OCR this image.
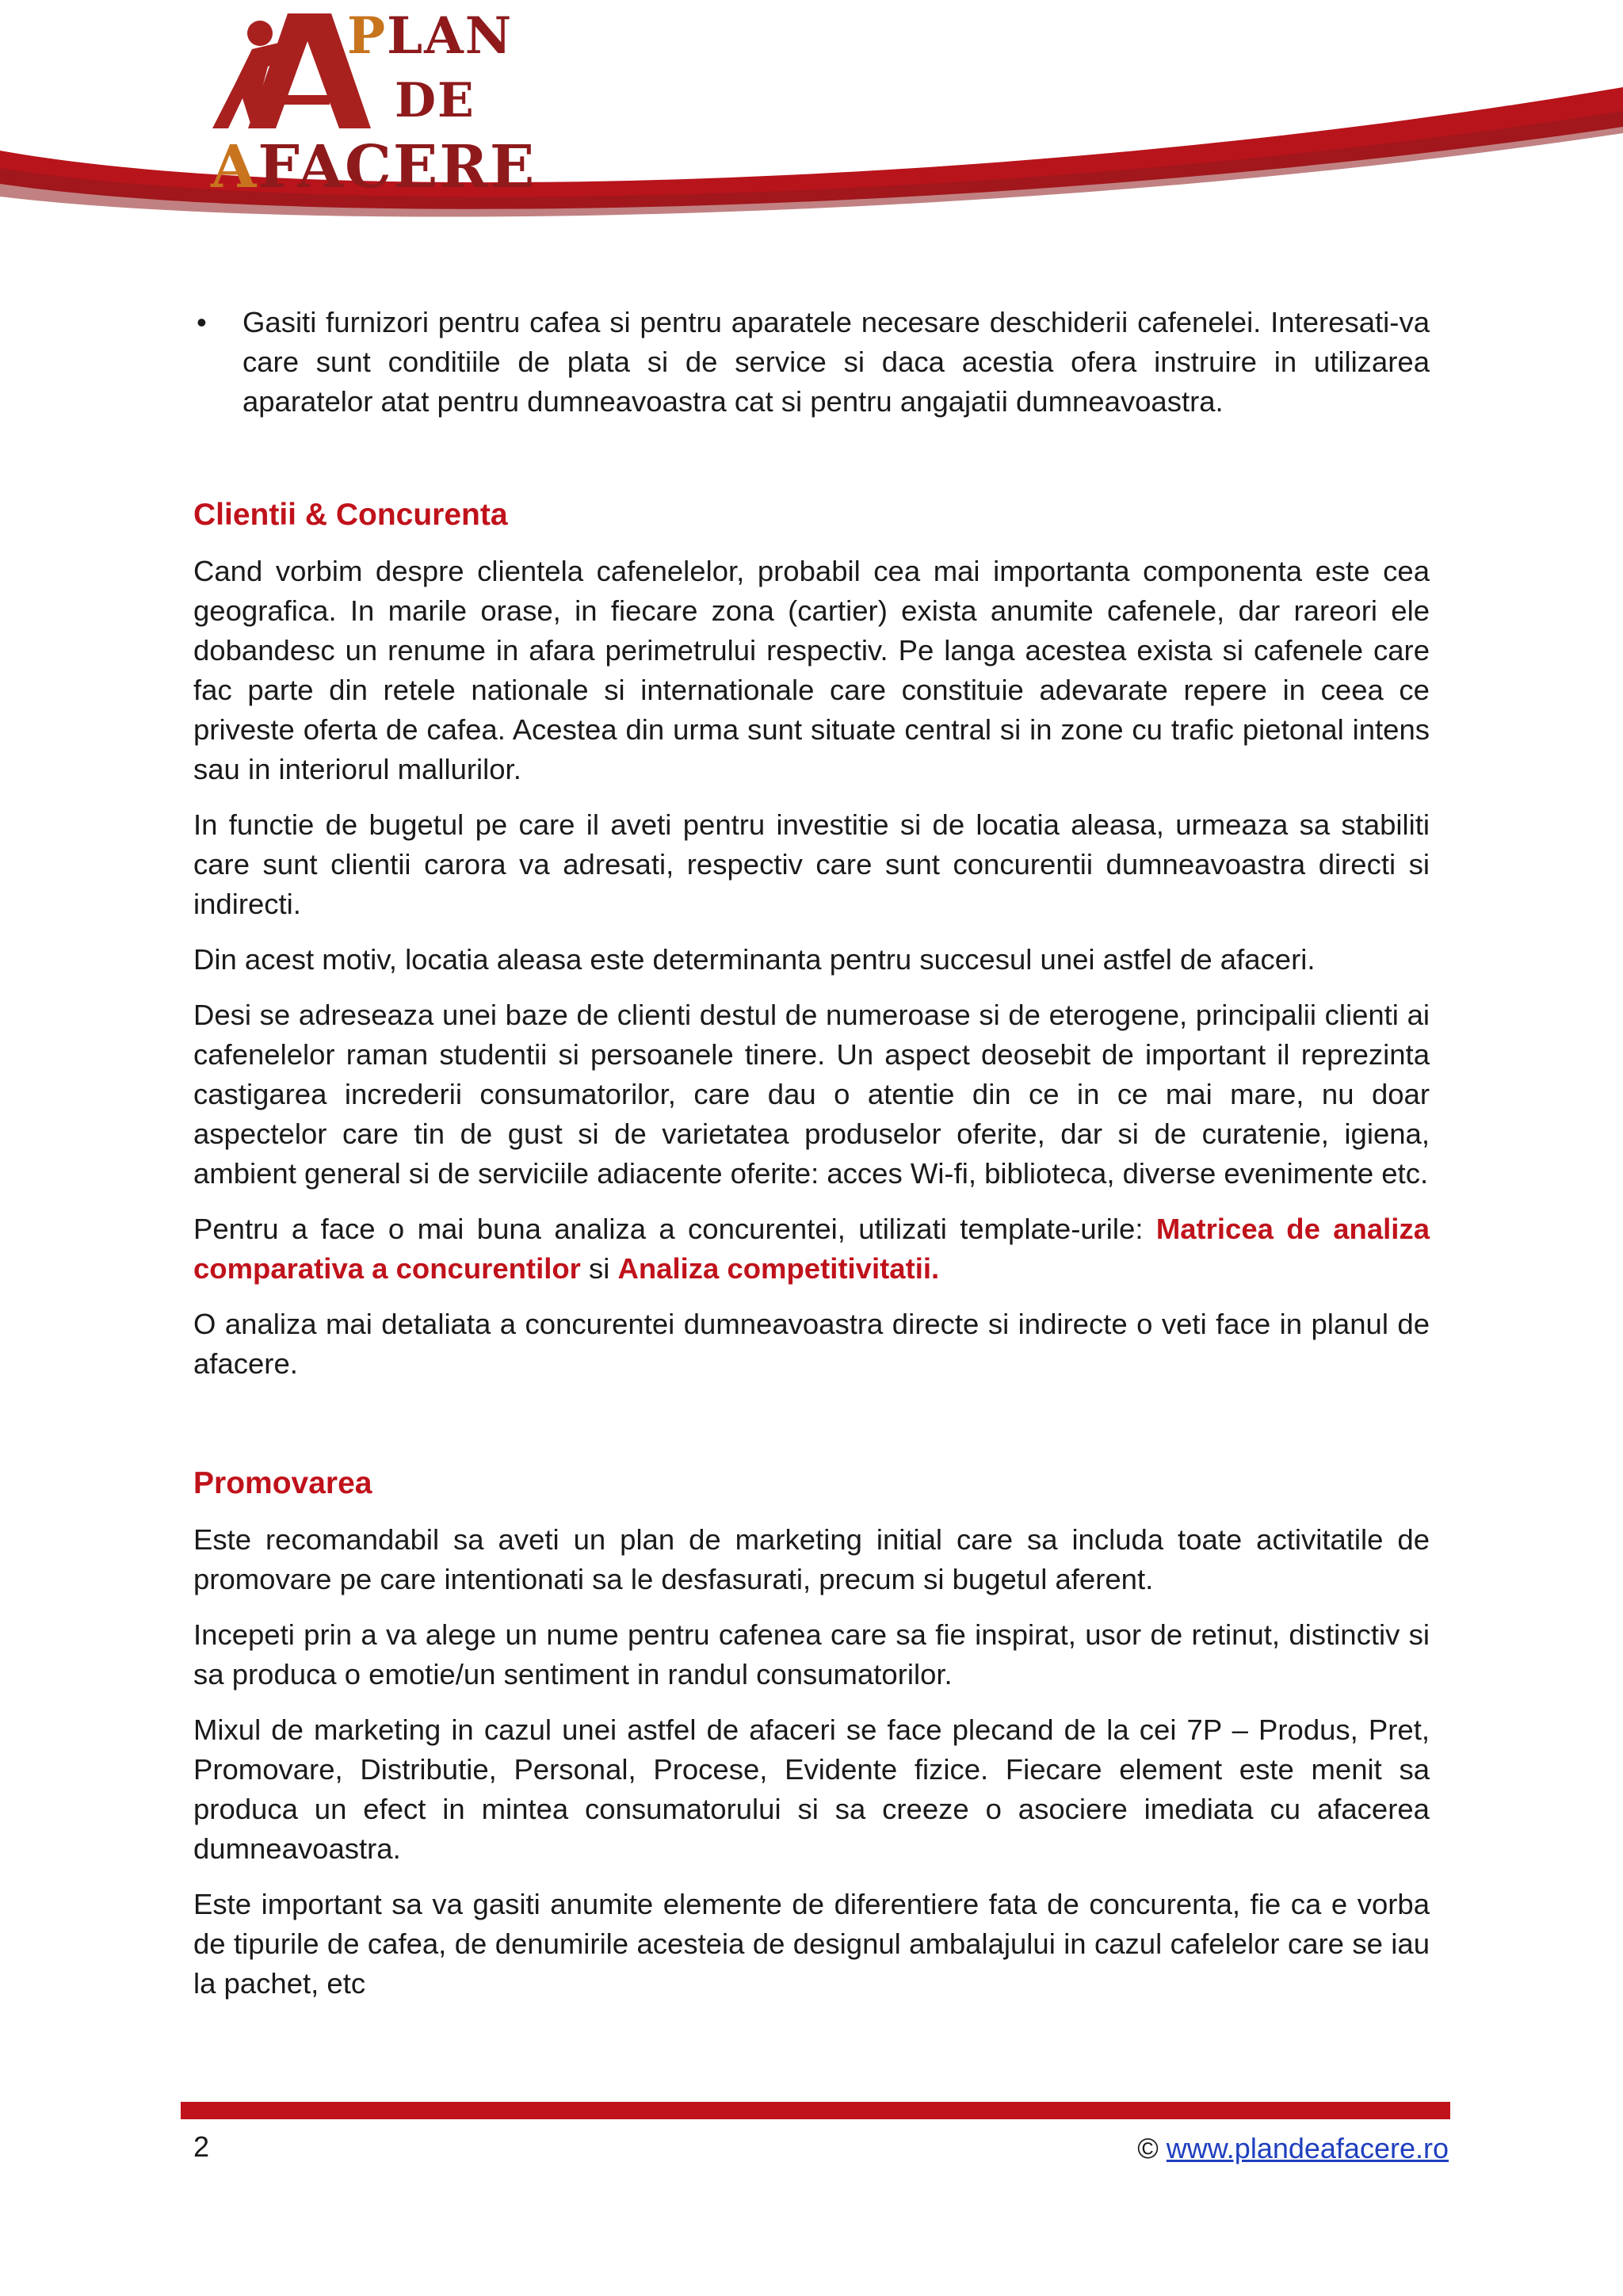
PLAN
DE
AFACERE
• Gasiti furnizori pentru cafea si pentru aparatele necesare deschiderii cafenelei. Interesati-va care sunt conditiile de plata si de service si daca acestia ofera instruire in utilizarea aparatelor atat pentru dumneavoastra cat si pentru angajatii dumneavoastra.
Clientii & Concurenta

Cand vorbim despre clientela cafenelelor, probabil cea mai importanta componenta este cea geografica. In marile orase, in fiecare zona (cartier) exista anumite cafenele, dar rareori ele dobandesc un renume in afara perimetrului respectiv. Pe langa acestea exista si cafenele care fac parte din retele nationale si internationale care constituie adevarate repere in ceea ce priveste oferta de cafea. Acestea din urma sunt situate central si in zone cu trafic pietonal intens sau in interiorul mallurilor.

In functie de bugetul pe care il aveti pentru investitie si de locatia aleasa, urmeaza sa stabiliti care sunt clientii carora va adresati, respectiv care sunt concurentii dumneavoastra directi si indirecti.

Din acest motiv, locatia aleasa este determinanta pentru succesul unei astfel de afaceri.

Desi se adreseaza unei baze de clienti destul de numeroase si de eterogene, principalii clienti ai cafenelelor raman studentii si persoanele tinere. Un aspect deosebit de important il reprezinta castigarea increderii consumatorilor, care dau o atentie din ce in ce mai mare, nu doar aspectelor care tin de gust si de varietatea produselor oferite, dar si de curatenie, igiena, ambient general si de serviciile adiacente oferite: acces Wi-fi, biblioteca, diverse evenimente etc.

Pentru a face o mai buna analiza a concurentei, utilizati template-urile: Matricea de analiza comparativa a concurentilor si Analiza competitivitatii.

O analiza mai detaliata a concurentei dumneavoastra directe si indirecte o veti face in planul de afacere.

Promovarea

Este recomandabil sa aveti un plan de marketing initial care sa includa toate activitatile de promovare pe care intentionati sa le desfasurati, precum si bugetul aferent.

Incepeti prin a va alege un nume pentru cafenea care sa fie inspirat, usor de retinut, distinctiv si sa produca o emotie/un sentiment in randul consumatorilor.

Mixul de marketing in cazul unei astfel de afaceri se face plecand de la cei 7P – Produs, Pret, Promovare, Distributie, Personal, Procese, Evidente fizice. Fiecare element este menit sa produca un efect in mintea consumatorului si sa creeze o asociere imediata cu afacerea dumneavoastra.

Este important sa va gasiti anumite elemente de diferentiere fata de concurenta, fie ca e vorba de tipurile de cafea, de denumirile acesteia de designul ambalajului in cazul cafelelor care se iau la pachet, etc

2	© www.plandeafacere.ro
